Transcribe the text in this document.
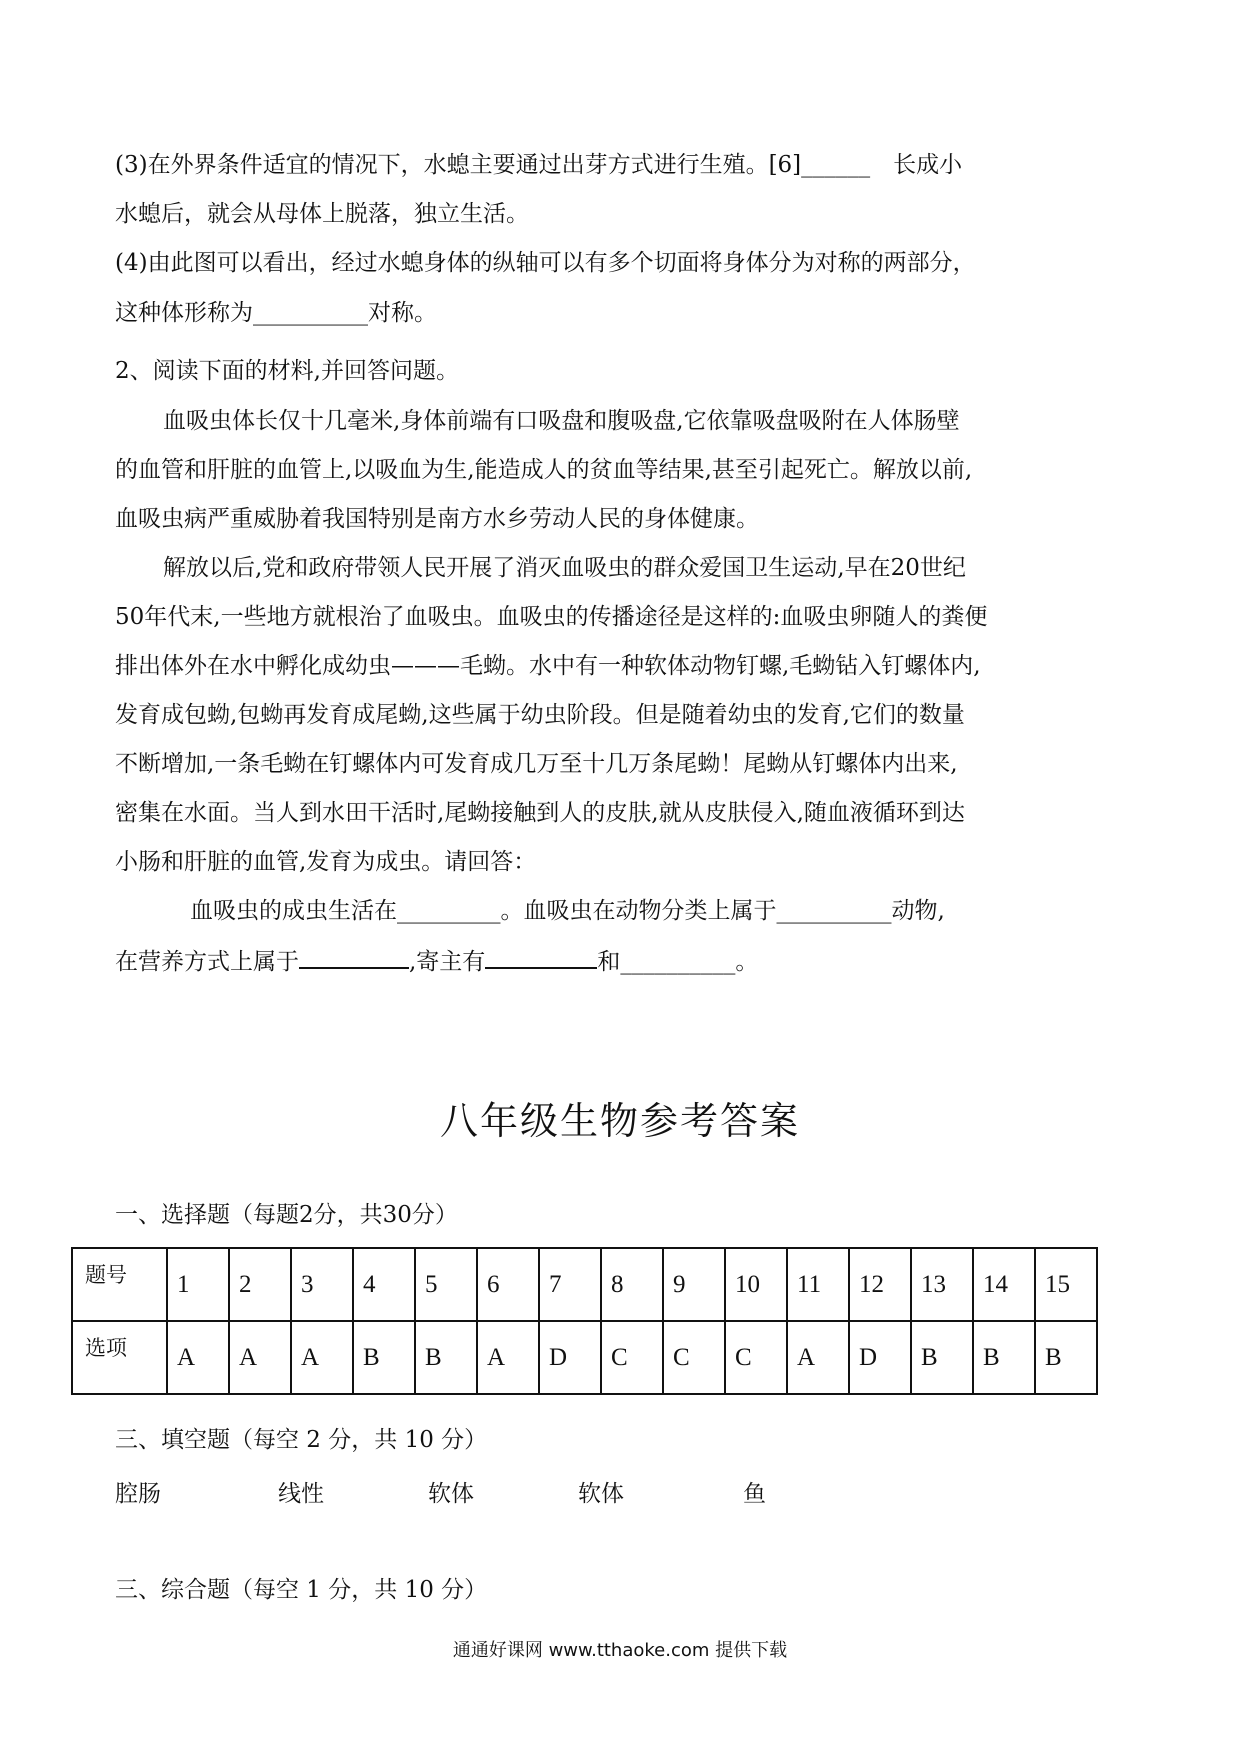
(3)在外界条件适宜的情况下，水螅主要通过出芽方式进行生殖。[6]______　长成小
水螅后，就会从母体上脱落，独立生活。
(4)由此图可以看出，经过水螅身体的纵轴可以有多个切面将身体分为对称的两部分，
这种体形称为__________对称。
2、阅读下面的材料,并回答问题。
血吸虫体长仅十几毫米,身体前端有口吸盘和腹吸盘,它依靠吸盘吸附在人体肠壁
的血管和肝脏的血管上,以吸血为生,能造成人的贫血等结果,甚至引起死亡。解放以前,
血吸虫病严重威胁着我国特别是南方水乡劳动人民的身体健康。
解放以后,党和政府带领人民开展了消灭血吸虫的群众爱国卫生运动,早在20世纪
50年代末,一些地方就根治了血吸虫。血吸虫的传播途径是这样的:血吸虫卵随人的粪便
排出体外在水中孵化成幼虫———毛蚴。水中有一种软体动物钉螺,毛蚴钻入钉螺体内,
发育成包蚴,包蚴再发育成尾蚴,这些属于幼虫阶段。但是随着幼虫的发育,它们的数量
不断增加,一条毛蚴在钉螺体内可发育成几万至十几万条尾蚴！尾蚴从钉螺体内出来,
密集在水面。当人到水田干活时,尾蚴接触到人的皮肤,就从皮肤侵入,随血液循环到达
小肠和肝脏的血管,发育为成虫。请回答：
血吸虫的成虫生活在_________。血吸虫在动物分类上属于__________动物,
在营养方式上属于	,寄主有	和__________。
八年级生物参考答案
一、选择题（每题2分，共30分）
题号	1	2	3	4	5	6	7	8	9	10	11	12	13	14	15
选项	A	A	A	B	B	A	D	C	C	C	A	D	B	B	B
三、填空题（每空 2 分，共 10 分）
腔肠	线性	软体	软体	鱼
三、综合题（每空 1 分，共 10 分）
通通好课网 www.tthaoke.com 提供下载
